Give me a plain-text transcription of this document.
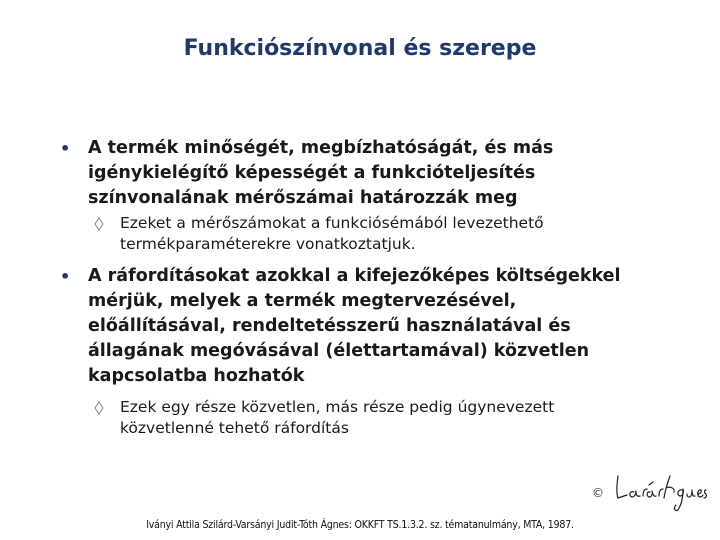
Funkciószínvonal és szerepe
• A termék minőségét, megbízhatóságát, és más
igénykielégítő képességét a funkcióteljesítés
színvonalának mérőszámai határozzák meg
Ezeket a mérőszámokat a funkciósémából levezethető
termékparaméterekre vonatkoztatjuk.
• A ráfordításokat azokkal a kifejezőképes költségekkel
mérjük, melyek a termék megtervezésével,
előállításával, rendeltetésszerű használatával és
állagának megóvásával (élettartamával) közvetlen
kapcsolatba hozhatók
Ezek egy része közvetlen, más része pedig úgynevezett
közvetlenné tehető ráfordítás
©
Iványi Attila Szilárd-Varsányi Judit-Tóth Ágnes: OKKFT TS.1.3.2. sz. tématanulmány, MTA, 1987.
